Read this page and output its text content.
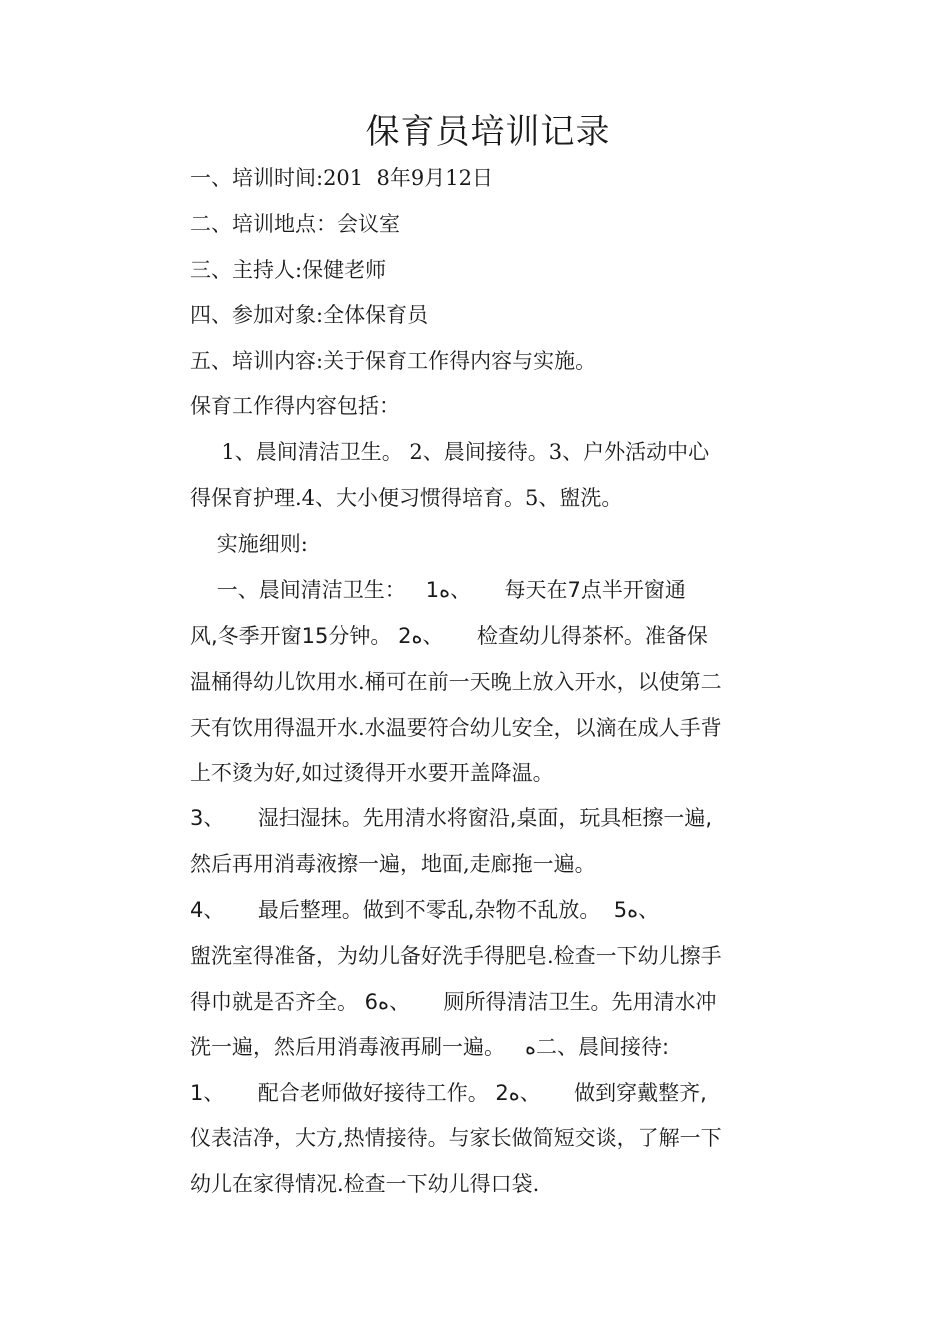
保育员培训记录
一、培训时间:201  8年9月12日
二、培训地点：会议室
三、主持人:保健老师
四、参加对象:全体保育员
五、培训内容:关于保育工作得内容与实施。
保育工作得内容包括：
1、晨间清洁卫生。 2、晨间接待。3、户外活动中心
得保育护理.4、大小便习惯得培育。5、盥洗。
实施细则:
一、晨间清洁卫生：   1ﻩ、     每天在7点半开窗通
风,冬季开窗15分钟。 2ﻩ、     检查幼儿得茶杯。准备保
温桶得幼儿饮用水.桶可在前一天晚上放入开水，以使第二
天有饮用得温开水.水温要符合幼儿安全，以滴在成人手背
上不烫为好,如过烫得开水要开盖降温。
3、     湿扫湿抹。先用清水将窗沿,桌面，玩具柜擦一遍,
然后再用消毒液擦一遍，地面,走廊拖一遍。
4、     最后整理。做到不零乱,杂物不乱放。  5ﻩ、
盥洗室得准备，为幼儿备好洗手得肥皂.检查一下幼儿擦手
得巾就是否齐全。 6ﻩ、     厕所得清洁卫生。先用清水冲
洗一遍，然后用消毒液再刷一遍。   ﻩ二、晨间接待:
1、     配合老师做好接待工作。 2ﻩ、     做到穿戴整齐,
仪表洁净，大方,热情接待。与家长做简短交谈，了解一下
幼儿在家得情况.检查一下幼儿得口袋.
